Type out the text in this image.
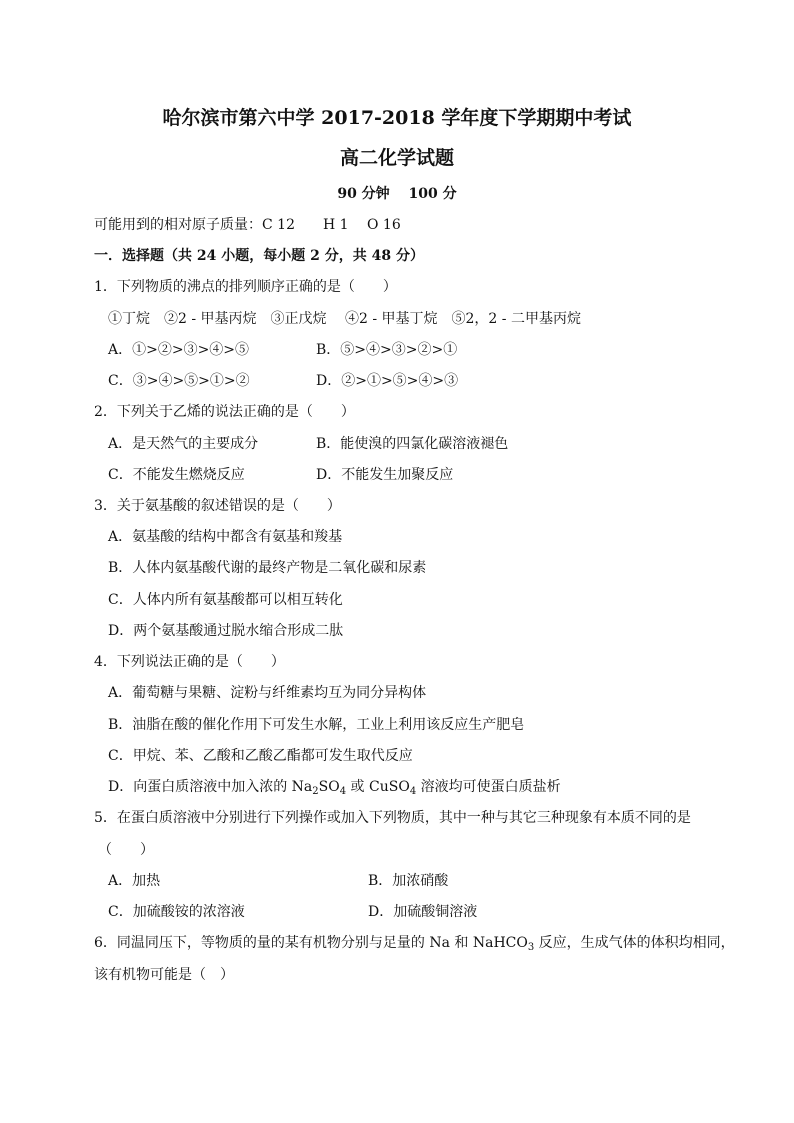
哈尔滨市第六中学 2017-2018 学年度下学期期中考试
高二化学试题
90 分钟　 100 分
可能用到的相对原子质量：C 12　　H 1　 O 16
一．选择题（共 24 小题，每小题 2 分，共 48 分）
1．下列物质的沸点的排列顺序正确的是（　　）
①丁烷　②2 - 甲基丙烷　③正戊烷　 ④2 - 甲基丁烷　⑤2，2 - 二甲基丙烷
A．①>②>③>④>⑤	B．⑤>④>③>②>①
C．③>④>⑤>①>②	D．②>①>⑤>④>③
2．下列关于乙烯的说法正确的是（　　）
A．是天然气的主要成分	B．能使溴的四氯化碳溶液褪色
C．不能发生燃烧反应	D．不能发生加聚反应
3．关于氨基酸的叙述错误的是（　　）
A．氨基酸的结构中都含有氨基和羧基
B．人体内氨基酸代谢的最终产物是二氧化碳和尿素
C．人体内所有氨基酸都可以相互转化
D．两个氨基酸通过脱水缩合形成二肽
4．下列说法正确的是（　　）
A．葡萄糖与果糖、淀粉与纤维素均互为同分异构体
B．油脂在酸的催化作用下可发生水解，工业上利用该反应生产肥皂
C．甲烷、苯、乙酸和乙酸乙酯都可发生取代反应
D．向蛋白质溶液中加入浓的 $Na_2SO_4$ 或 CuSO$_4$ 溶液均可使蛋白质盐析
5．在蛋白质溶液中分别进行下列操作或加入下列物质，其中一种与其它三种现象有本质不同的是
（　　）
A．加热	B．加浓硝酸
C．加硫酸铵的浓溶液	D．加硫酸铜溶液
6．同温同压下，等物质的量的某有机物分别与足量的 Na 和 NaHCO$_3$ 反应，生成气体的体积均相同，
该有机物可能是（　）
